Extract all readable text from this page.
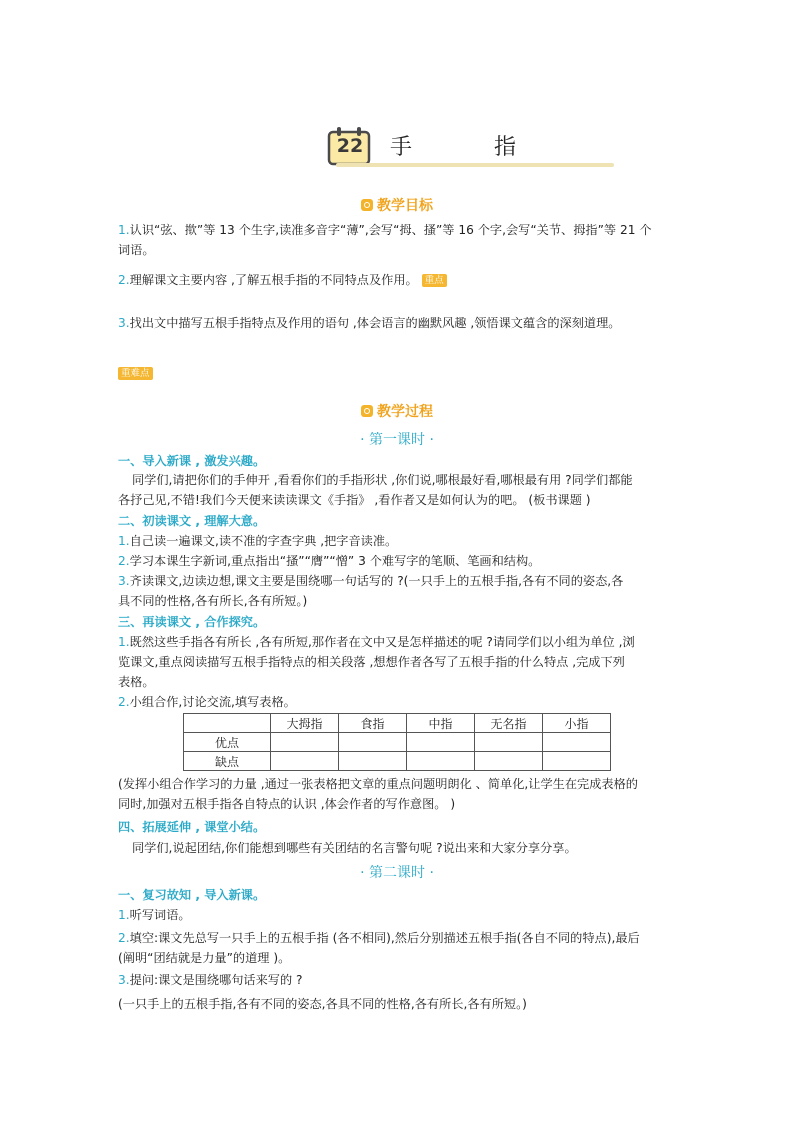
22 手　指
教学目标
1.认识“弦、揿”等 13 个生字,读准多音字“薄”,会写“拇、搔”等 16 个字,会写“关节、拇指”等 21 个
词语。
2.理解课文主要内容 ,了解五根手指的不同特点及作用。 重点
3.找出文中描写五根手指特点及作用的语句 ,体会语言的幽默风趣 ,领悟课文蕴含的深刻道理。
重难点
教学过程
· 第一课时 ·
一、导入新课 , 激发兴趣。
同学们,请把你们的手伸开 ,看看你们的手指形状 ,你们说,哪根最好看,哪根最有用 ?同学们都能
各抒己见,不错!我们今天便来读读课文《手指》 ,看作者又是如何认为的吧。 (板书课题 )
二、初读课文 , 理解大意。
1.自己读一遍课文,读不准的字查字典 ,把字音读准。
2.学习本课生字新词,重点指出“搔”“膺”“憎” 3 个难写字的笔顺、笔画和结构。
3.齐读课文,边读边想,课文主要是围绕哪一句话写的 ?(一只手上的五根手指,各有不同的姿态,各
具不同的性格,各有所长,各有所短。)
三、再读课文 , 合作探究。
1.既然这些手指各有所长 ,各有所短,那作者在文中又是怎样描述的呢 ?请同学们以小组为单位 ,浏
览课文,重点阅读描写五根手指特点的相关段落 ,想想作者各写了五根手指的什么特点 ,完成下列
表格。
2.小组合作,讨论交流,填写表格。
	大拇指	食指	中指	无名指	小指
优点					
缺点					
(发挥小组合作学习的力量 ,通过一张表格把文章的重点问题明朗化 、简单化,让学生在完成表格的
同时,加强对五根手指各自特点的认识 ,体会作者的写作意图。 )
四、拓展延伸 , 课堂小结。
同学们,说起团结,你们能想到哪些有关团结的名言警句呢 ?说出来和大家分享分享。
· 第二课时 ·
一、复习故知 , 导入新课。
1.听写词语。
2.填空:课文先总写一只手上的五根手指 (各不相同),然后分别描述五根手指(各自不同的特点),最后
(阐明“团结就是力量”的道理 )。
3.提问:课文是围绕哪句话来写的 ?
(一只手上的五根手指,各有不同的姿态,各具不同的性格,各有所长,各有所短。)
